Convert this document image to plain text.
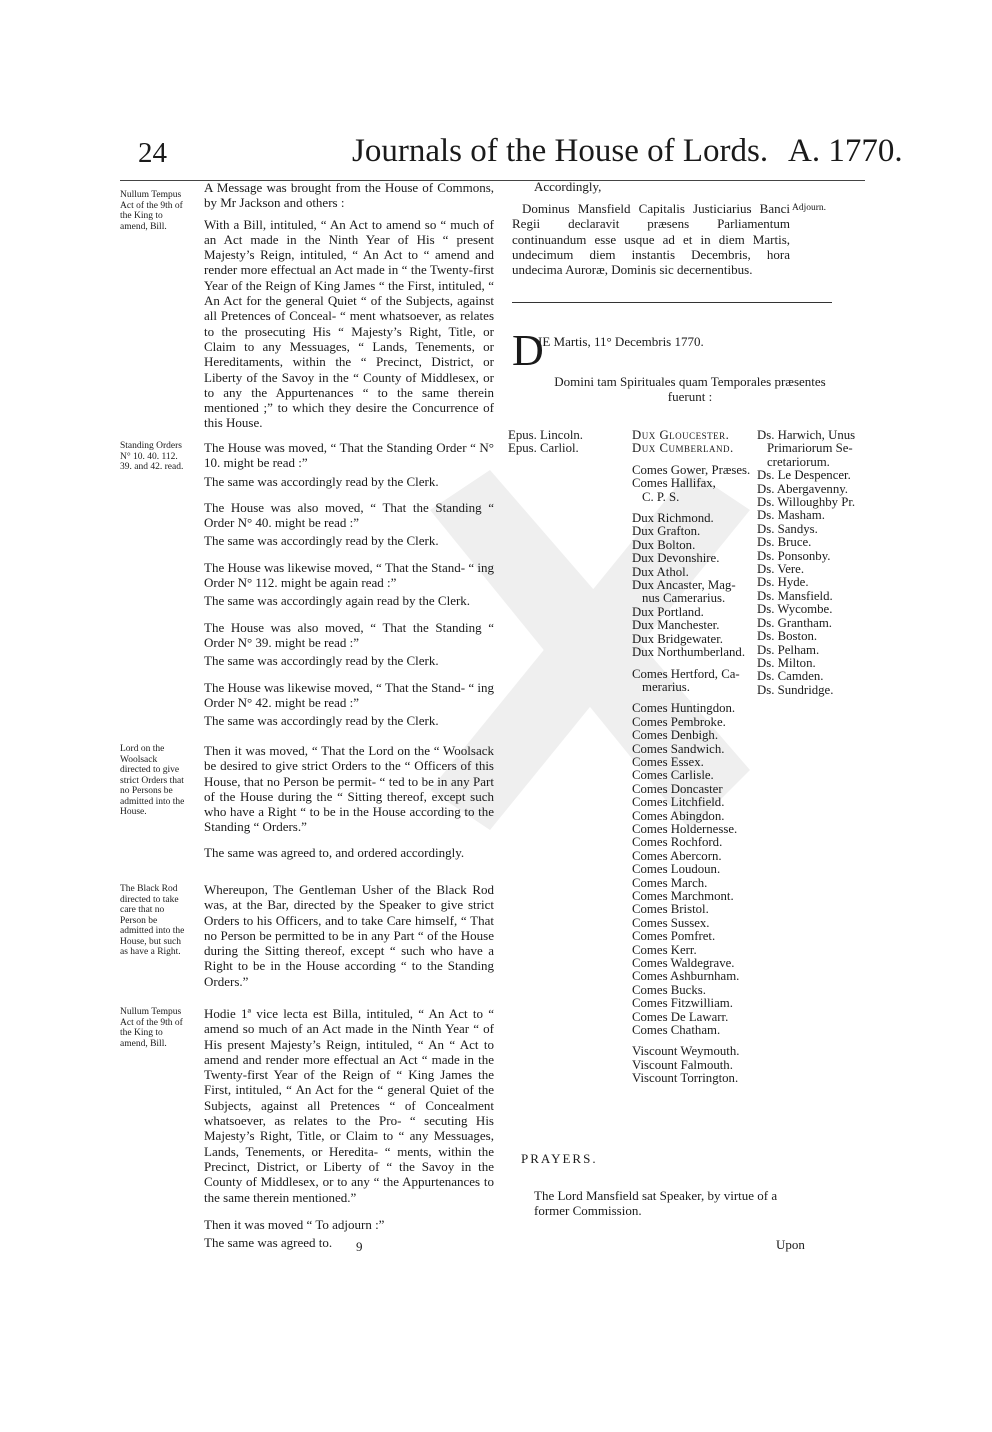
24	Journals of the House of Lords. A. 1770.
Nullum Tempus Act of the 9th of the King to amend, Bill.
Standing Orders N° 10. 40. 112. 39. and 42. read.
Lord on the Woolsack directed to give strict Orders that no Persons be admitted into the House.
The Black Rod directed to take care that no Person be admitted into the House, but such as have a Right.
Nullum Tempus Act of the 9th of the King to amend, Bill.

A Message was brought from the House of Commons, by Mr Jackson and others :

With a Bill, intituled, “ An Act to amend so “ much of an Act made in the Ninth Year of His “ present Majesty’s Reign, intituled, “ An Act to “ amend and render more effectual an Act made in “ the Twenty-first Year of the Reign of King James “ the First, intituled, “ An Act for the general Quiet “ of the Subjects, against all Pretences of Conceal- “ ment whatsoever, as relates to the prosecuting His “ Majesty’s Right, Title, or Claim to any Messuages, “ Lands, Tenements, or Hereditaments, within the “ Precinct, District, or Liberty of the Savoy in the “ County of Middlesex, or to any the Appurtenances “ to the same therein mentioned ;” to which they desire the Concurrence of this House.

The House was moved, “ That the Standing Order “ N° 10. might be read :”

The same was accordingly read by the Clerk.

The House was also moved, “ That the Standing “ Order N° 40. might be read :”

The same was accordingly read by the Clerk.

The House was likewise moved, “ That the Stand- “ ing Order N° 112. might be again read :”

The same was accordingly again read by the Clerk.

The House was also moved, “ That the Standing “ Order N° 39. might be read :”

The same was accordingly read by the Clerk.

The House was likewise moved, “ That the Stand- “ ing Order N° 42. might be read :”

The same was accordingly read by the Clerk.

Then it was moved, “ That the Lord on the “ Woolsack be desired to give strict Orders to the “ Officers of this House, that no Person be permit- “ ted to be in any Part of the House during the “ Sitting thereof, except such who have a Right “ to be in the House according to the Standing “ Orders.”

The same was agreed to, and ordered accordingly.

Whereupon, The Gentleman Usher of the Black Rod was, at the Bar, directed by the Speaker to give strict Orders to his Officers, and to take Care himself, “ That no Person be permitted to be in any Part “ of the House during the Sitting thereof, except “ such who have a Right to be in the House according “ to the Standing Orders.”

Hodie 1ª vice lecta est Billa, intituled, “ An Act to “ amend so much of an Act made in the Ninth Year “ of His present Majesty’s Reign, intituled, “ An “ Act to amend and render more effectual an Act “ made in the Twenty-first Year of the Reign of “ King James the First, intituled, “ An Act for the “ general Quiet of the Subjects, against all Pretences “ of Concealment whatsoever, as relates to the Pro- “ secuting His Majesty’s Right, Title, or Claim to “ any Messuages, Lands, Tenements, or Heredita- “ ments, within the Precinct, District, or Liberty of “ the Savoy in the County of Middlesex, or to any “ the Appurtenances to the same therein mentioned.”

Then it was moved “ To adjourn :”

The same was agreed to.	9
Accordingly,
Dominus Mansfield Capitalis Justiciarius Banci Regii declaravit præsens Parliamentum continuandum esse usque ad et in diem Martis, undecimum diem instantis Decembris, hora undecima Auroræ, Dominis sic decernentibus.
Adjourn.
D
IE Martis, 11° Decembris 1770.
Domini tam Spirituales quam Temporales præsentes fuerunt :
Epus. Lincoln.
Epus. Carliol.
Dux Gloucester.
Dux Cumberland.
Comes Gower, Præses.
Comes Hallifax,
C. P. S.
Dux Richmond.
Dux Grafton.
Dux Bolton.
Dux Devonshire.
Dux Athol.
Dux Ancaster, Mag-
nus Camerarius.
Dux Portland.
Dux Manchester.
Dux Bridgewater.
Dux Northumberland.
Comes Hertford, Ca-
merarius.
Comes Huntingdon.
Comes Pembroke.
Comes Denbigh.
Comes Sandwich.
Comes Essex.
Comes Carlisle.
Comes Doncaster
Comes Litchfield.
Comes Abingdon.
Comes Holdernesse.
Comes Rochford.
Comes Abercorn.
Comes Loudoun.
Comes March.
Comes Marchmont.
Comes Bristol.
Comes Sussex.
Comes Pomfret.
Comes Kerr.
Comes Waldegrave.
Comes Ashburnham.
Comes Bucks.
Comes Fitzwilliam.
Comes De Lawarr.
Comes Chatham.
Viscount Weymouth.
Viscount Falmouth.
Viscount Torrington.
Ds. Harwich, Unus
Primariorum Se-
cretariorum.
Ds. Le Despencer.
Ds. Abergavenny.
Ds. Willoughby Pr.
Ds. Masham.
Ds. Sandys.
Ds. Bruce.
Ds. Ponsonby.
Ds. Vere.
Ds. Hyde.
Ds. Mansfield.
Ds. Wycombe.
Ds. Grantham.
Ds. Boston.
Ds. Pelham.
Ds. Milton.
Ds. Camden.
Ds. Sundridge.
PRAYERS.
The Lord Mansfield sat Speaker, by virtue of a former Commission.
Upon
